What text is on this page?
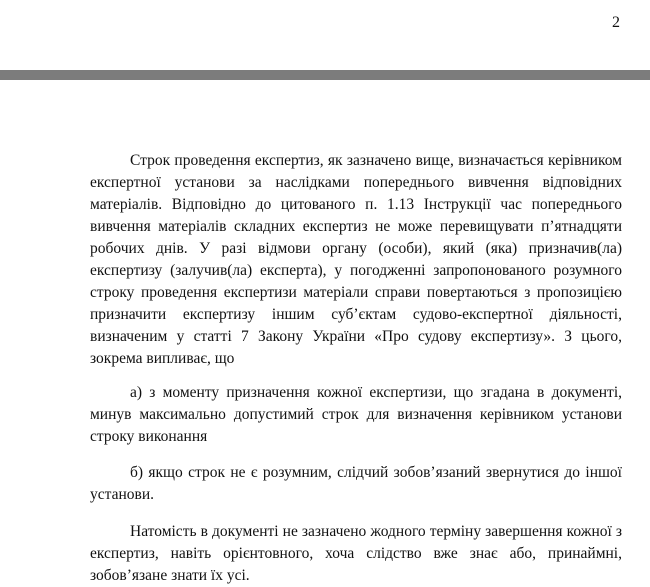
2

Строк проведення експертиз, як зазначено вище, визначається керівником експертної установи за наслідками попереднього вивчення відповідних матеріалів. Відповідно до цитованого п. 1.13 Інструкції час попереднього вивчення матеріалів складних експертиз не може перевищувати п’ятнадцяти робочих днів. У разі відмови органу (особи), який (яка) призначив(ла) експертизу (залучив(ла) експерта), у погодженні запропонованого розумного строку проведення експертизи матеріали справи повертаються з пропозицією призначити експертизу іншим суб’єктам судово-експертної діяльності, визначеним у статті 7 Закону України «Про судову експертизу». З цього, зокрема випливає, що

а) з моменту призначення кожної експертизи, що згадана в документі, минув максимально допустимий строк для визначення керівником установи строку виконання

б) якщо строк не є розумним, слідчий зобов’язаний звернутися до іншої установи.

Натомість в документі не зазначено жодного терміну завершення кожної з експертиз, навіть орієнтовного, хоча слідство вже знає або, принаймні, зобов’язане знати їх усі.
